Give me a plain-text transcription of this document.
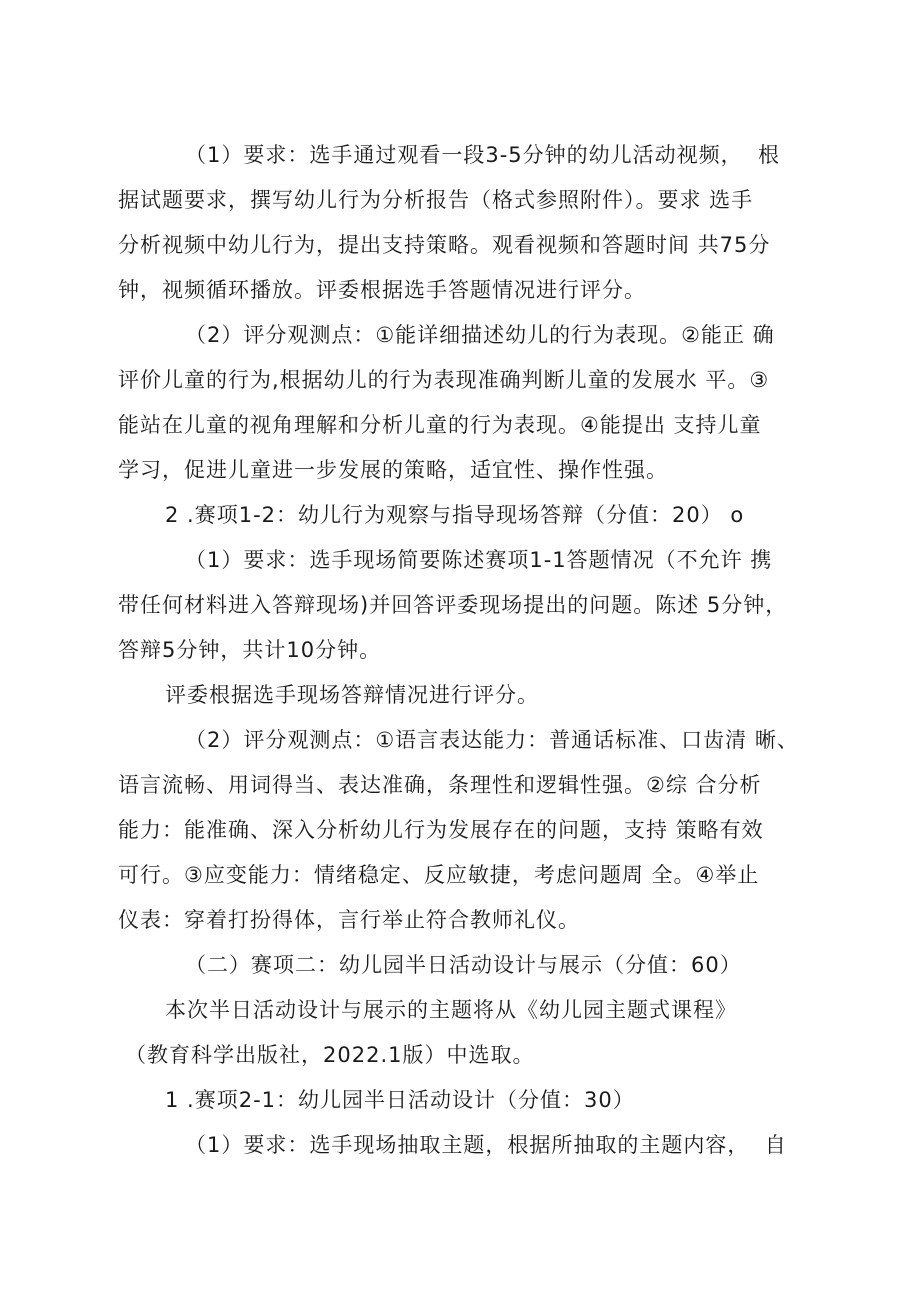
（1）要求：选手通过观看一段3-5分钟的幼儿活动视频，  根
据试题要求，撰写幼儿行为分析报告（格式参照附件）。要求 选手
分析视频中幼儿行为，提出支持策略。观看视频和答题时间 共75分
钟，视频循环播放。评委根据选手答题情况进行评分。
（2）评分观测点：①能详细描述幼儿的行为表现。②能正 确
评价儿童的行为,根据幼儿的行为表现准确判断儿童的发展水 平。③
能站在儿童的视角理解和分析儿童的行为表现。④能提出 支持儿童
学习，促进儿童进一步发展的策略，适宜性、操作性强。
2 .赛项1-2：幼儿行为观察与指导现场答辩（分值：20） o
（1）要求：选手现场简要陈述赛项1-1答题情况（不允许 携
带任何材料进入答辩现场)并回答评委现场提出的问题。陈述 5分钟，
答辩5分钟，共计10分钟。
评委根据选手现场答辩情况进行评分。
（2）评分观测点：①语言表达能力：普通话标准、口齿清 晰、
语言流畅、用词得当、表达准确，条理性和逻辑性强。②综 合分析
能力：能准确、深入分析幼儿行为发展存在的问题，支持 策略有效
可行。③应变能力：情绪稳定、反应敏捷，考虑问题周 全。④举止
仪表：穿着打扮得体，言行举止符合教师礼仪。
（二）赛项二：幼儿园半日活动设计与展示（分值：60）
本次半日活动设计与展示的主题将从《幼儿园主题式课程》
（教育科学出版社，2022.1版）中选取。
1 .赛项2-1：幼儿园半日活动设计（分值：30）
（1）要求：选手现场抽取主题，根据所抽取的主题内容，  自
